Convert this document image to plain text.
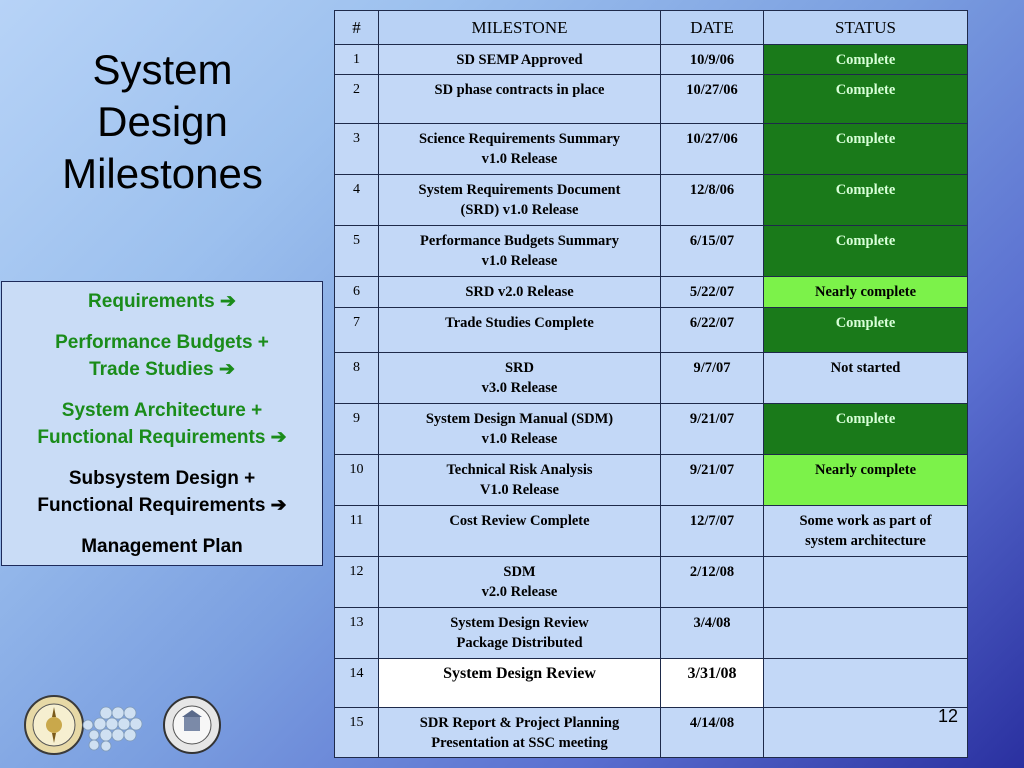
System
Design
Milestones
Requirements ➔
Performance Budgets +
Trade Studies ➔
System Architecture +
Functional Requirements ➔
Subsystem Design +
Functional Requirements ➔
Management Plan
#	MILESTONE	DATE	STATUS
1	SD SEMP Approved	10/9/06	Complete

2	SD phase contracts in place	10/27/06	Complete

3	Science Requirements Summary
v1.0 Release	10/27/06	Complete

4	System Requirements Document
(SRD) v1.0 Release	12/8/06	Complete

5	Performance Budgets Summary
v1.0 Release	6/15/07	Complete

6	SRD v2.0 Release	5/22/07	Nearly complete

7	Trade Studies Complete	6/22/07	Complete

8	SRD
v3.0 Release	9/7/07	Not started

9	System Design Manual (SDM)
v1.0 Release	9/21/07	Complete

10	Technical Risk Analysis
V1.0 Release	9/21/07	Nearly complete

11	Cost Review Complete	12/7/07	Some work as part of
system architecture

12	SDM
v2.0 Release	2/12/08	
13	System Design Review
Package Distributed	3/4/08	
14	System Design Review	3/31/08	
15	SDR Report & Project Planning
Presentation at SSC meeting	4/14/08		12
